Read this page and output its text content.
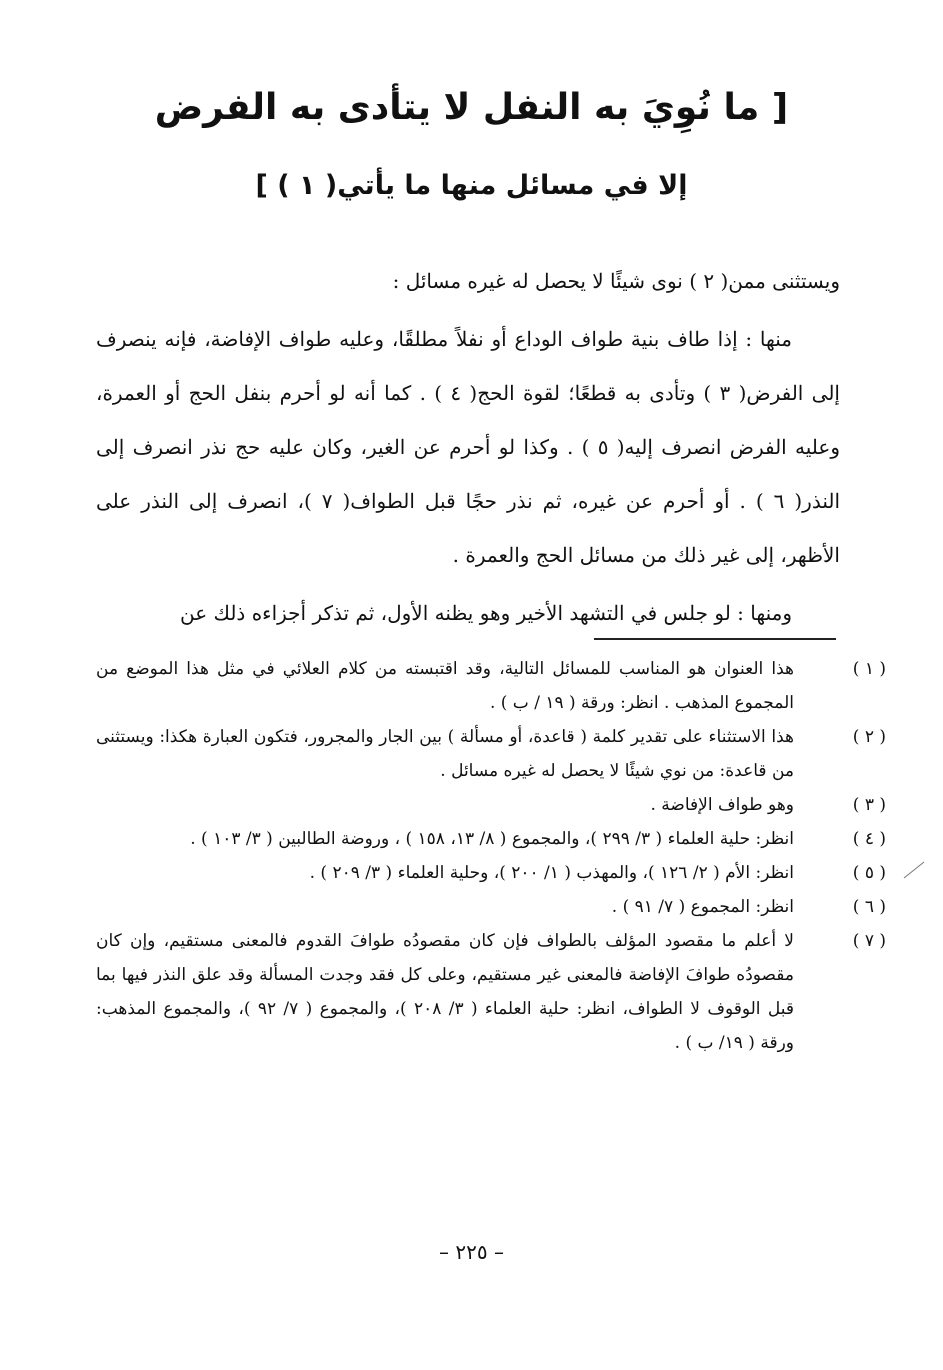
[ ما نُوِيَ به النفل لا يتأدى به الفرض
إلا في مسائل منها ما يأتي( ١ ) ]

ويستثنى ممن( ٢ ) نوى شيئًا لا يحصل له غيره مسائل :

منها : إذا طاف بنية طواف الوداع أو نفلاً مطلقًا، وعليه طواف الإفاضة، فإنه ينصرف إلى الفرض( ٣ ) وتأدى به قطعًا؛ لقوة الحج( ٤ ) . كما أنه لو أحرم بنفل الحج أو العمرة، وعليه الفرض انصرف إليه( ٥ ) . وكذا لو أحرم عن الغير، وكان عليه حج نذر انصرف إلى النذر( ٦ ) . أو أحرم عن غيره، ثم نذر حجًا قبل الطواف( ٧ )، انصرف إلى النذر على الأظهر، إلى غير ذلك من مسائل الحج والعمرة .

ومنها : لو جلس في التشهد الأخير وهو يظنه الأول، ثم تذكر أجزاءه ذلك عن

( ١ )هذا العنوان هو المناسب للمسائل التالية، وقد اقتبسته من كلام العلائي في مثل هذا الموضع من المجموع المذهب . انظر: ورقة ( ١٩ / ب ) .

( ٢ )هذا الاستثناء على تقدير كلمة ( قاعدة، أو مسألة ) بين الجار والمجرور، فتكون العبارة هكذا: ويستثنى من قاعدة: من نوي شيئًا لا يحصل له غيره مسائل .

( ٣ )وهو طواف الإفاضة .

( ٤ )انظر: حلية العلماء ( ٣/ ٢٩٩ )، والمجموع ( ٨/ ١٣، ١٥٨ ) ، وروضة الطالبين ( ٣/ ١٠٣ ) .

( ٥ )انظر: الأم ( ٢/ ١٢٦ )، والمهذب ( ١/ ٢٠٠ )، وحلية العلماء ( ٣/ ٢٠٩ ) .

( ٦ )انظر: المجموع ( ٧/ ٩١ ) .

( ٧ )لا أعلم ما مقصود المؤلف بالطواف فإن كان مقصودُه طوافَ القدوم فالمعنى مستقيم، وإن كان مقصودُه طوافَ الإفاضة فالمعنى غير مستقيم، وعلى كل فقد وجدت المسألة وقد علق النذر فيها بما قبل الوقوف لا الطواف، انظر: حلية العلماء ( ٣/ ٢٠٨ )، والمجموع ( ٧/ ٩٢ )، والمجموع المذهب: ورقة ( ١٩/ ب ) .

– ٢٢٥ –
